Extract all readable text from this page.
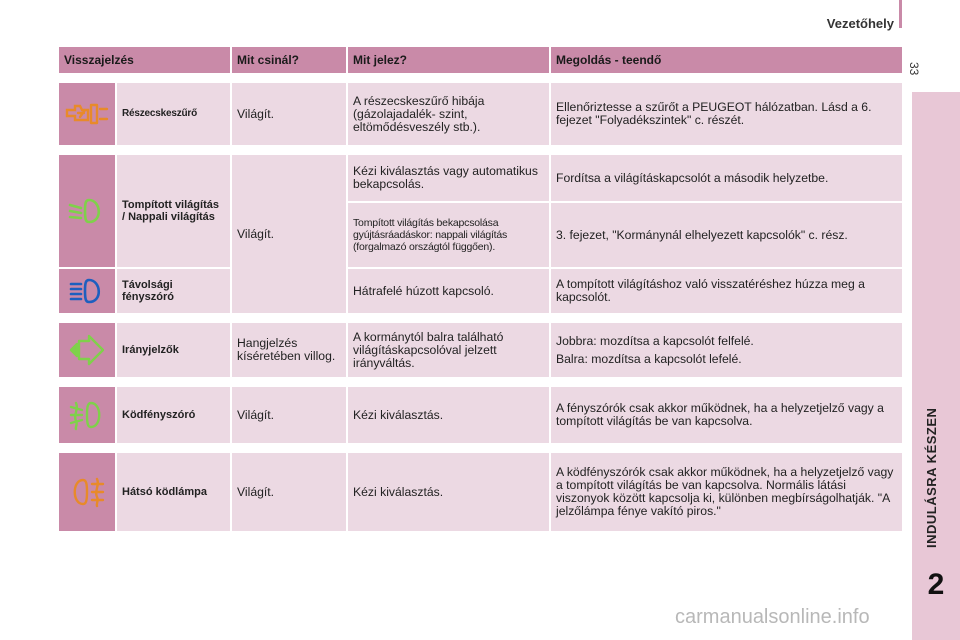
Vezetőhely
33
INDULÁSRA KÉSZEN
2
carmanualsonline.info
Visszajelzés		Mit csinál?	Mit jelez?	Megoldás - teendő

	Részecskeszűrő	Világít.	A részecskeszűrő hibája (gázolajadalék- szint, eltömődésveszély stb.).	Ellenőriztesse a szűrőt a PEUGEOT hálózatban. Lásd a 6. fejezet "Folyadékszintek" c. részét.

	Tompított világítás / Nappali világítás	Világít.	Kézi kiválasztás vagy automatikus bekapcsolás.	Fordítsa a világításkapcsolót a második helyzetbe.
			Tompított világítás bekapcsolása gyújtásráadáskor: nappali világítás (forgalmazó országtól függően).	3. fejezet, "Kormánynál elhelyezett kapcsolók" c. rész.

	Távolsági fényszóró		Hátrafelé húzott kapcsoló.	A tompított világításhoz való visszatéréshez húzza meg a kapcsolót.

	Irányjelzők	Hangjelzés kíséretében villog.	A kormánytól balra található világításkapcsolóval jelzett irányváltás.	Jobbra: mozdítsa a kapcsolót felfelé.
Balra: mozdítsa a kapcsolót lefelé.

	Ködfényszóró	Világít.	Kézi kiválasztás.	A fényszórók csak akkor működnek, ha a helyzetjelző vagy a tompított világítás be van kapcsolva.

	Hátsó ködlámpa	Világít.	Kézi kiválasztás.	A ködfényszórók csak akkor működnek, ha a helyzetjelző vagy a tompított világítás be van kapcsolva. Normális látási viszonyok között kapcsolja ki, különben megbírságolhatják. "A jelzőlámpa fénye vakító piros."
